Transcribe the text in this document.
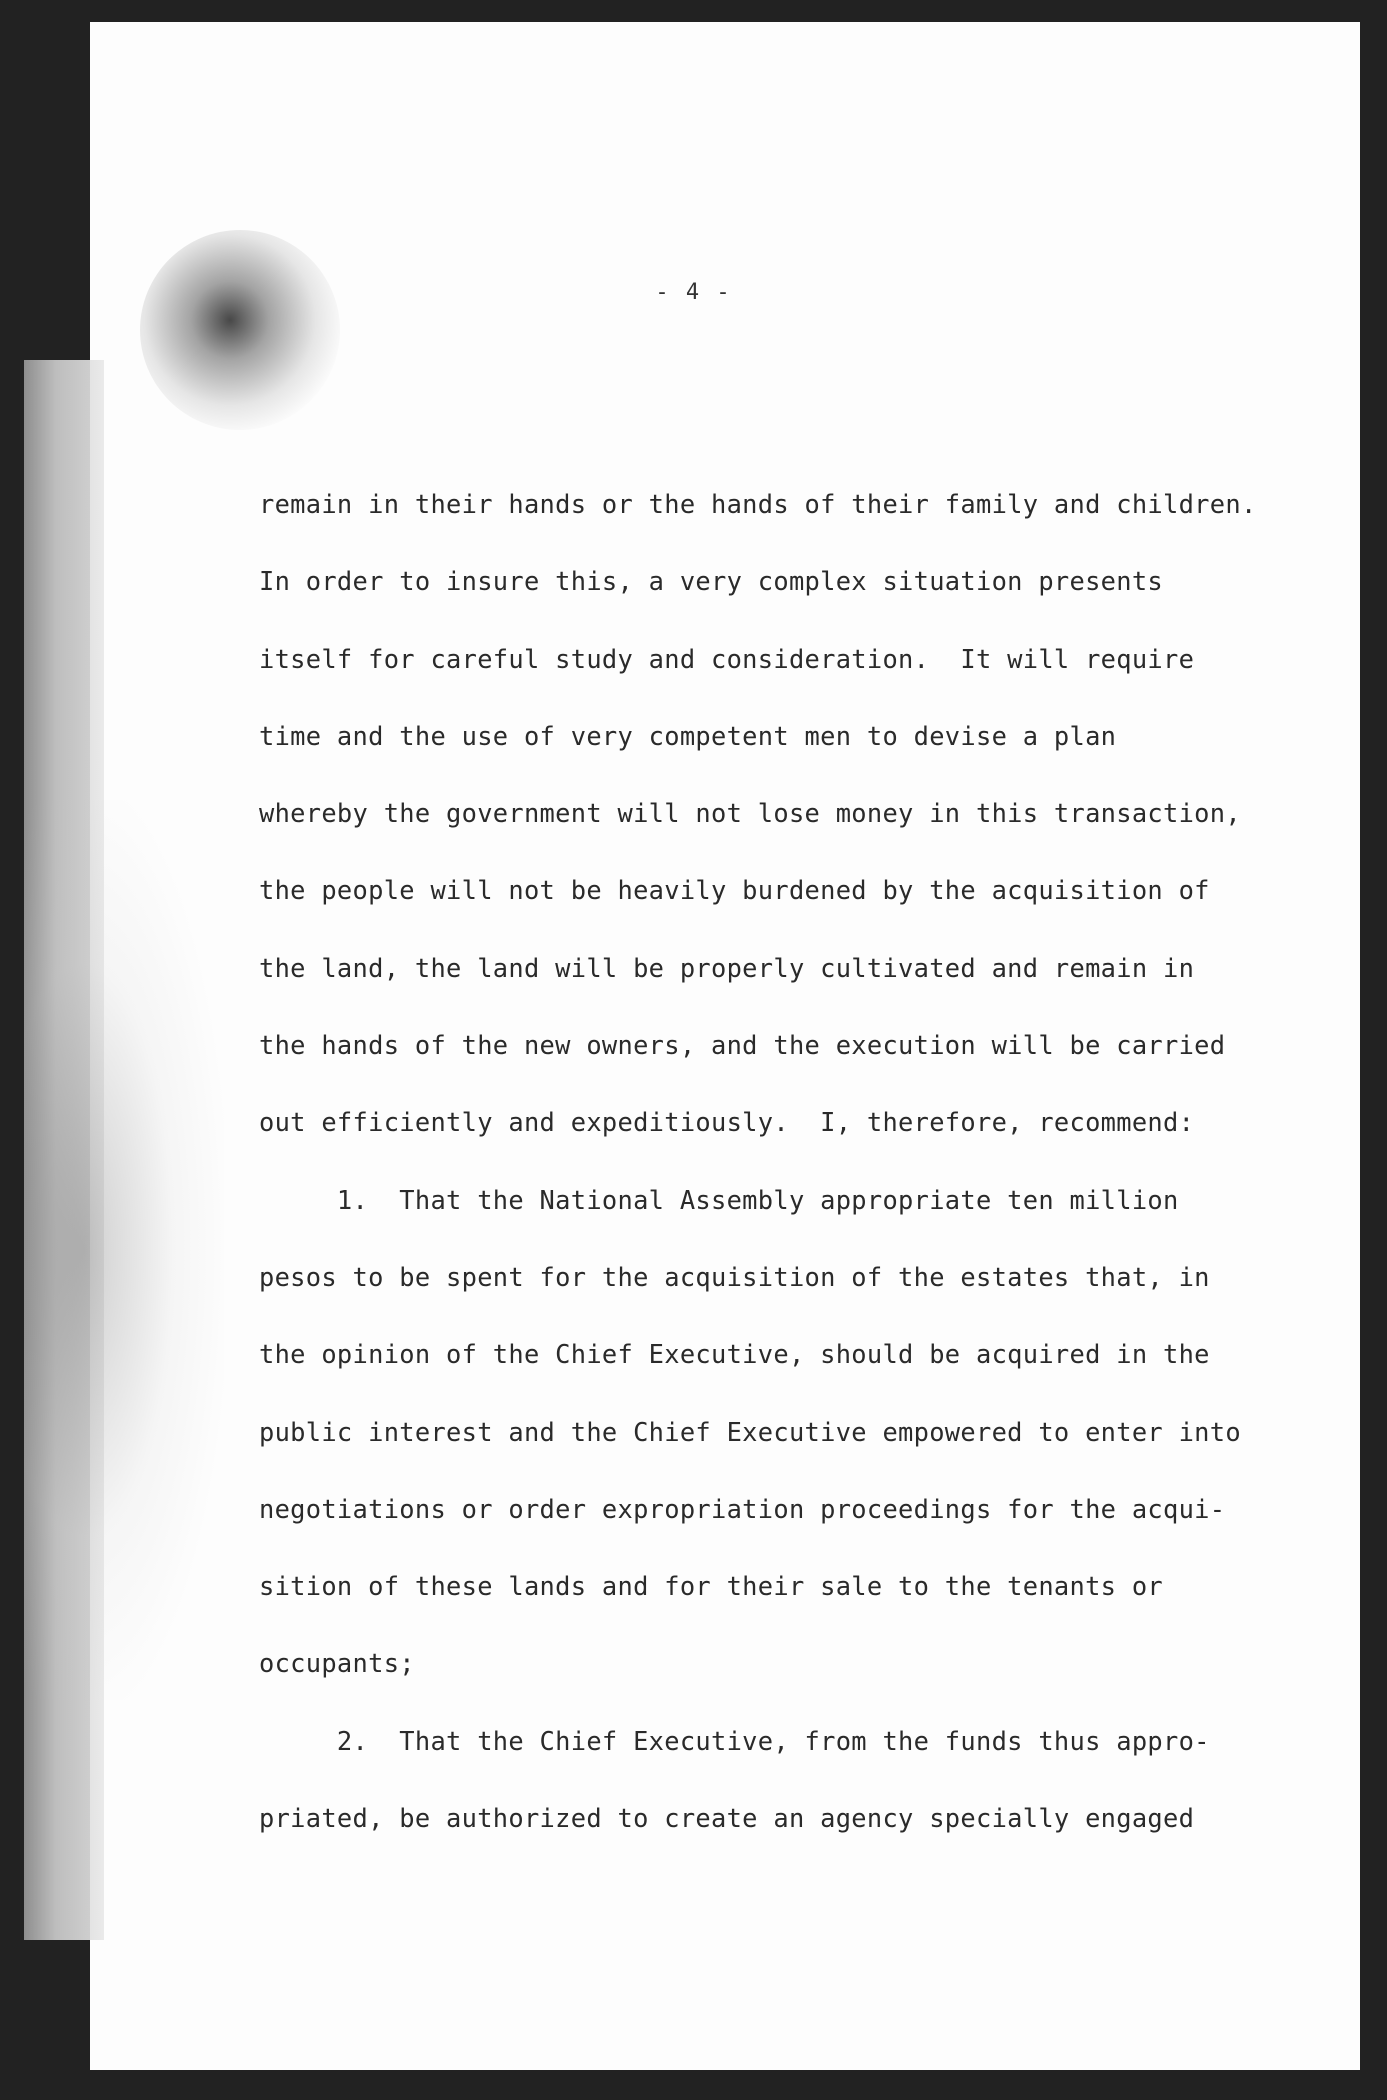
- 4 -
remain in their hands or the hands of their family and children.
In order to insure this, a very complex situation presents
itself for careful study and consideration.  It will require
time and the use of very competent men to devise a plan
whereby the government will not lose money in this transaction,
the people will not be heavily burdened by the acquisition of
the land, the land will be properly cultivated and remain in
the hands of the new owners, and the execution will be carried
out efficiently and expeditiously.  I, therefore, recommend:
1.  That the National Assembly appropriate ten million
pesos to be spent for the acquisition of the estates that, in
the opinion of the Chief Executive, should be acquired in the
public interest and the Chief Executive empowered to enter into
negotiations or order expropriation proceedings for the acqui-
sition of these lands and for their sale to the tenants or
occupants;
2.  That the Chief Executive, from the funds thus appro-
priated, be authorized to create an agency specially engaged
